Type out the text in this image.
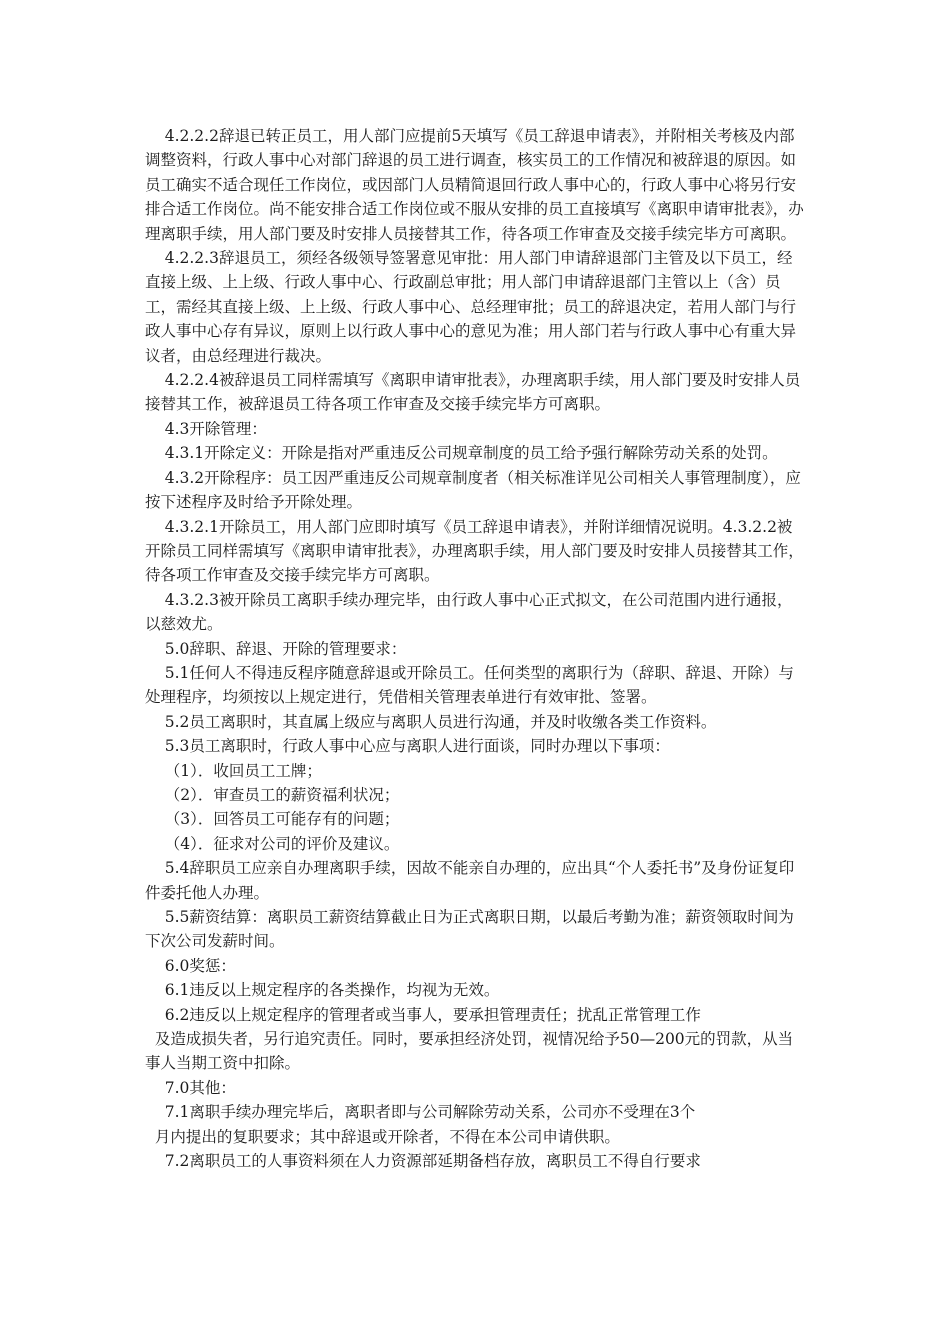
4.2.2.2辞退已转正员工，用人部门应提前5天填写《员工辞退申请表》，并附相关考核及内部调整资料，行政人事中心对部门辞退的员工进行调查，核实员工的工作情况和被辞退的原因。如员工确实不适合现任工作岗位，或因部门人员精简退回行政人事中心的，行政人事中心将另行安排合适工作岗位。尚不能安排合适工作岗位或不服从安排的员工直接填写《离职申请审批表》，办理离职手续，用人部门要及时安排人员接替其工作，待各项工作审查及交接手续完毕方可离职。

4.2.2.3辞退员工，须经各级领导签署意见审批：用人部门申请辞退部门主管及以下员工，经直接上级、上上级、行政人事中心、行政副总审批；用人部门申请辞退部门主管以上（含）员工，需经其直接上级、上上级、行政人事中心、总经理审批；员工的辞退决定，若用人部门与行政人事中心存有异议，原则上以行政人事中心的意见为准；用人部门若与行政人事中心有重大异议者，由总经理进行裁决。

4.2.2.4被辞退员工同样需填写《离职申请审批表》，办理离职手续，用人部门要及时安排人员接替其工作，被辞退员工待各项工作审查及交接手续完毕方可离职。

4.3开除管理：

4.3.1开除定义：开除是指对严重违反公司规章制度的员工给予强行解除劳动关系的处罚。

4.3.2开除程序：员工因严重违反公司规章制度者（相关标准详见公司相关人事管理制度），应按下述程序及时给予开除处理。

4.3.2.1开除员工，用人部门应即时填写《员工辞退申请表》，并附详细情况说明。4.3.2.2被开除员工同样需填写《离职申请审批表》，办理离职手续，用人部门要及时安排人员接替其工作，待各项工作审查及交接手续完毕方可离职。

4.3.2.3被开除员工离职手续办理完毕，由行政人事中心正式拟文，在公司范围内进行通报，以慈效尤。

5.0辞职、辞退、开除的管理要求：

5.1任何人不得违反程序随意辞退或开除员工。任何类型的离职行为（辞职、辞退、开除）与处理程序，均须按以上规定进行，凭借相关管理表单进行有效审批、签署。

5.2员工离职时，其直属上级应与离职人员进行沟通，并及时收缴各类工作资料。

5.3员工离职时，行政人事中心应与离职人进行面谈，同时办理以下事项：

（1）．收回员工工牌；

（2）．审查员工的薪资福利状况；

（3）．回答员工可能存有的问题；

（4）．征求对公司的评价及建议。

5.4辞职员工应亲自办理离职手续，因故不能亲自办理的，应出具“个人委托书”及身份证复印件委托他人办理。

5.5薪资结算：离职员工薪资结算截止日为正式离职日期，以最后考勤为准；薪资领取时间为下次公司发薪时间。

6.0奖惩：

6.1违反以上规定程序的各类操作，均视为无效。

6.2违反以上规定程序的管理者或当事人，要承担管理责任；扰乱正常管理工作

及造成损失者，另行追究责任。同时，要承担经济处罚，视情况给予50—200元的罚款，从当事人当期工资中扣除。

7.0其他：

7.1离职手续办理完毕后，离职者即与公司解除劳动关系，公司亦不受理在3个

月内提出的复职要求；其中辞退或开除者，不得在本公司申请供职。

7.2离职员工的人事资料须在人力资源部延期备档存放，离职员工不得自行要求
